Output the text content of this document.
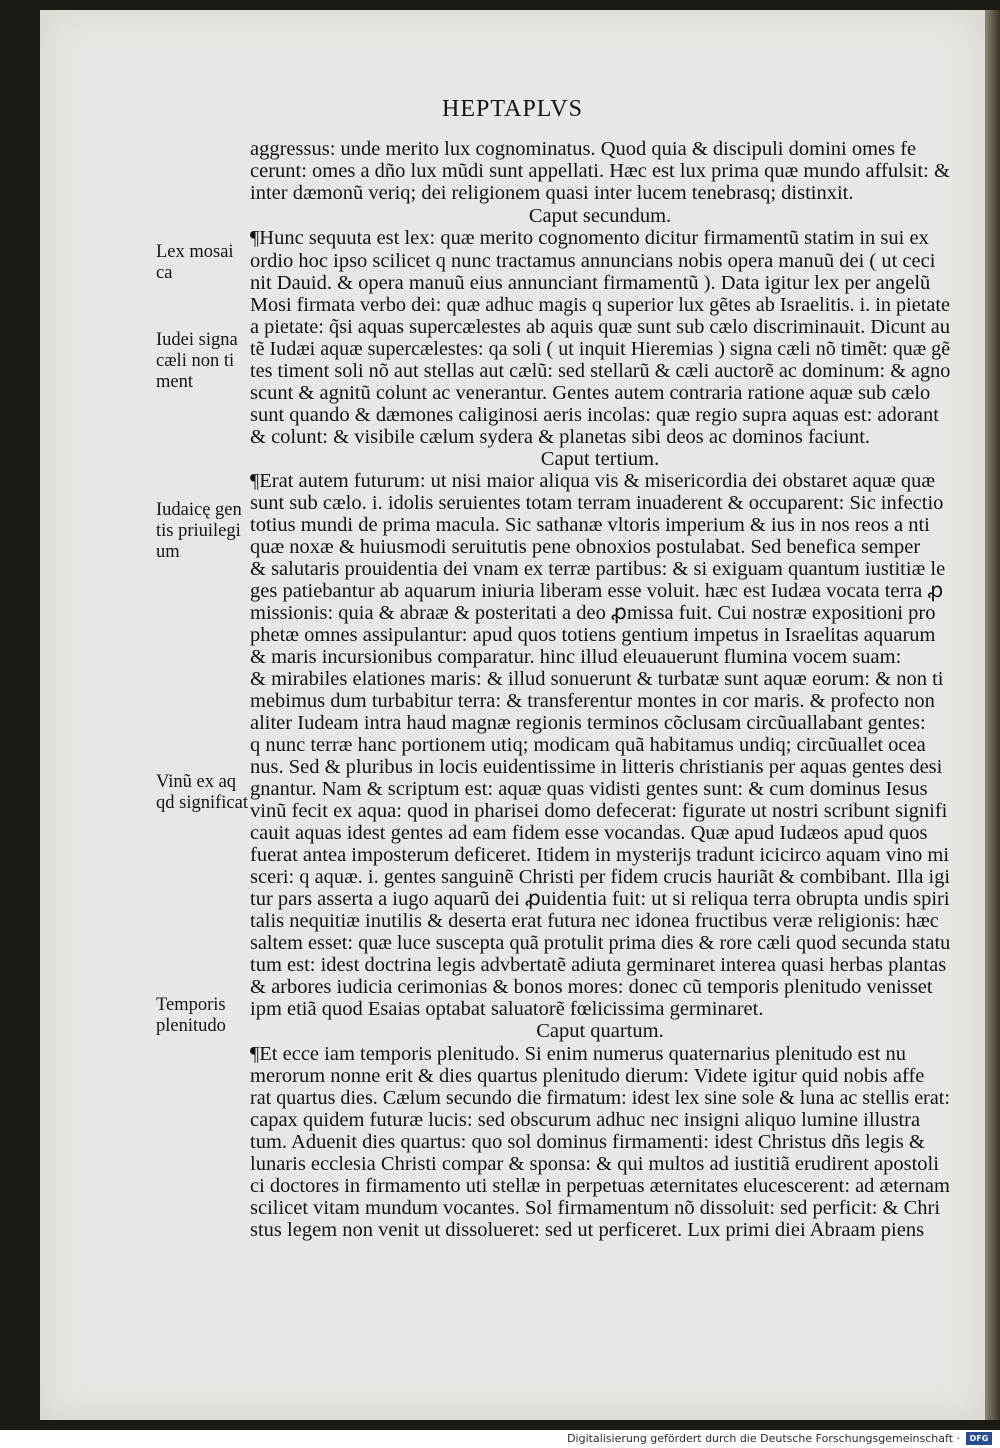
HEPTAPLVS
aggressus: unde merito lux cognominatus. Quod quia & discipuli domini omes fe
cerunt: omes a dño lux mũdi sunt appellati. Hæc est lux prima quæ mundo affulsit: &
inter dæmonũ veriq; dei religionem quasi inter lucem tenebrasq; distinxit.
Caput secundum.
¶Hunc sequuta est lex: quæ merito cognomento dicitur firmamentũ statim in sui ex
ordio hoc ipso scilicet q nunc tractamus annuncians nobis opera manuũ dei ( ut ceci
nit Dauid. & opera manuũ eius annunciant firmamentũ ). Data igitur lex per angelũ
Mosi firmata verbo dei: quæ adhuc magis q superior lux gẽtes ab Israelitis. i. in pietate
a pietate: q̃si aquas supercælestes ab aquis quæ sunt sub cælo discriminauit. Dicunt au
tẽ Iudæi aquæ supercælestes: qa soli ( ut inquit Hieremias ) signa cæli nõ timẽt: quæ gẽ
tes timent soli nõ aut stellas aut cælũ: sed stellarũ & cæli auctorẽ ac dominum: & agno
scunt & agnitũ colunt ac venerantur. Gentes autem contraria ratione aquæ sub cælo
sunt quando & dæmones caliginosi aeris incolas: quæ regio supra aquas est: adorant
& colunt: & visibile cælum sydera & planetas sibi deos ac dominos faciunt.
Caput tertium.
¶Erat autem futurum: ut nisi maior aliqua vis & misericordia dei obstaret aquæ quæ
sunt sub cælo. i. idolis seruientes totam terram inuaderent & occuparent: Sic infectio
totius mundi de prima macula. Sic sathanæ vltoris imperium & ius in nos reos a nti
quæ noxæ & huiusmodi seruitutis pene obnoxios postulabat. Sed benefica semper
& salutaris prouidentia dei vnam ex terræ partibus: & si exiguam quantum iustitiæ le
ges patiebantur ab aquarum iniuria liberam esse voluit. hæc est Iudæa vocata terra ꝓ
missionis: quia & abraæ & posteritati a deo ꝓmissa fuit. Cui nostræ expositioni pro
phetæ omnes assipulantur: apud quos totiens gentium impetus in Israelitas aquarum
& maris incursionibus comparatur. hinc illud eleuauerunt flumina vocem suam:
& mirabiles elationes maris: & illud sonuerunt & turbatæ sunt aquæ eorum: & non ti
mebimus dum turbabitur terra: & transferentur montes in cor maris. & profecto non
aliter Iudeam intra haud magnæ regionis terminos cõclusam circũuallabant gentes:
q nunc terræ hanc portionem utiq; modicam quã habitamus undiq; circũuallet ocea
nus. Sed & pluribus in locis euidentissime in litteris christianis per aquas gentes desi
gnantur. Nam & scriptum est: aquæ quas vidisti gentes sunt: & cum dominus Iesus
vinũ fecit ex aqua: quod in pharisei domo defecerat: figurate ut nostri scribunt signifi
cauit aquas idest gentes ad eam fidem esse vocandas. Quæ apud Iudæos apud quos
fuerat antea imposterum deficeret. Itidem in mysterijs tradunt icicirco aquam vino mi
sceri: q aquæ. i. gentes sanguinẽ Christi per fidem crucis hauriãt & combibant. Illa igi
tur pars asserta a iugo aquarũ dei ꝓuidentia fuit: ut si reliqua terra obrupta undis spiri
talis nequitiæ inutilis & deserta erat futura nec idonea fructibus veræ religionis: hæc
saltem esset: quæ luce suscepta quã protulit prima dies & rore cæli quod secunda statu
tum est: idest doctrina legis advbertatẽ adiuta germinaret interea quasi herbas plantas
& arbores iudicia cerimonias & bonos mores: donec cũ temporis plenitudo venisset
ipm etiã quod Esaias optabat saluatorẽ fœlicissima germinaret.
Caput quartum.
¶Et ecce iam temporis plenitudo. Si enim numerus quaternarius plenitudo est nu
merorum nonne erit & dies quartus plenitudo dierum: Videte igitur quid nobis affe
rat quartus dies. Cælum secundo die firmatum: idest lex sine sole & luna ac stellis erat:
capax quidem futuræ lucis: sed obscurum adhuc nec insigni aliquo lumine illustra
tum. Aduenit dies quartus: quo sol dominus firmamenti: idest Christus dñs legis &
lunaris ecclesia Christi compar & sponsa: & qui multos ad iustitiã erudirent apostoli
ci doctores in firmamento uti stellæ in perpetuas æternitates elucescerent: ad æternam
scilicet vitam mundum vocantes. Sol firmamentum nõ dissoluit: sed perficit: & Chri
stus legem non venit ut dissolueret: sed ut perficeret. Lux primi diei Abraam piens
Lex mosai
ca
Iudei signa
cæli non ti
ment
Iudaicę gen
tis priuilegi
um
Vinũ ex aq
qd significat
Temporis
plenitudo
Digitalisierung gefördert durch die Deutsche Forschungsgemeinschaft ·	DFG
